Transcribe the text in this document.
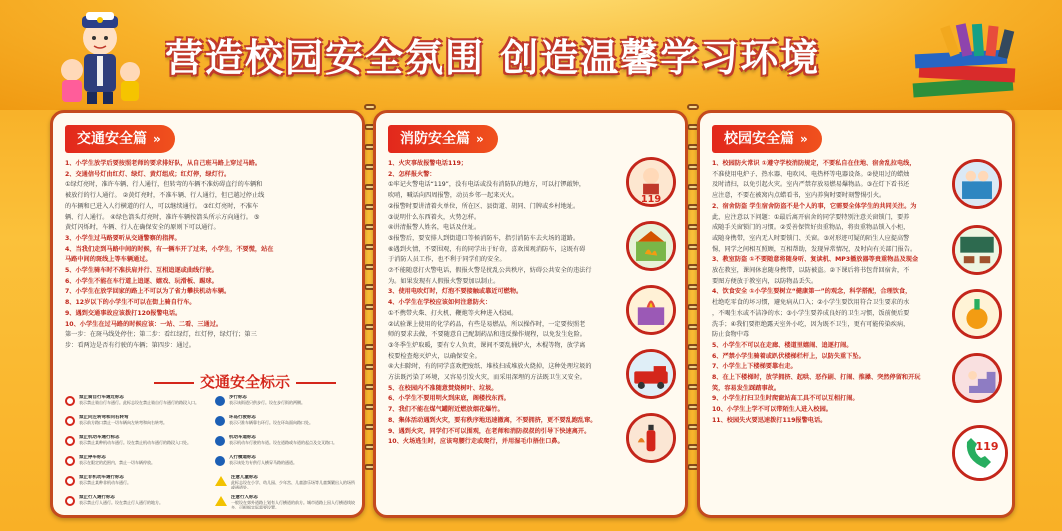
营造校园安全氛围 创造温馨学习环境
交通安全篇 »

1、小学生放学后要按照老师的要求排好队，从自己班马路上穿过马路。

2、交通信号灯由红灯、绿灯、黄灯组成；红灯停，绿灯行。

①绿灯亮时，准许车辆、行人通行，但转弯的车辆不准妨碍直行的车辆和

被放行的行人通行。 ②黄灯亮时，不准车辆、行人通行，但已越过停止线

的车辆和已进入人行横道的行人，可以继续通行。 ③红灯亮时，不准车

辆、行人通行。 ④绿色箭头灯亮时，准许车辆按箭头所示方向通行。 ⑤

黄灯闪烁时，车辆、行人在确保安全的原则下可以通行。

3、小学生过马路要听从交通警察的指挥。

4、当我们走到马路中间的时候，有一辆车开了过来，小学生，不要慌，站在

马路中间的斑线上等车辆通过。

5、小学生骑车时不准扶肩并行、互相追逐或曲线行驶。

6、小学生不能在车行道上追逐、嬉戏、玩滑板、踢球。

7、小学生在放学回家的路上不可以为了省力攀扶机动车辆。

8、12岁以下的小学生不可以在街上骑自行车。

9、遇到交通事故应该拨打120报警电话。

10、小学生在过马路的时候应该：一站、二看、三通过。

第一步：在斑马线处停住；第二步：看红绿灯，红灯停，绿灯行；第三

步：看两边是否有行驶的车辆；第四步：通过。

交通安全标示
禁止骑自行车通过标志
表示禁止骑自行车通行。此标志设在禁止骑自行车通行的路段入口。
步行标志
表示该街道只供步行。设在步行街的两侧。
禁止向左转弯和向右转弯
表示前方路口禁止一切车辆向左转弯和向右转弯。
环岛行驶标志
表示只准车辆靠右环行。设在环岛面向路口处。
禁止机动车通行标志
表示禁止某种机动车通行。设在禁止机动车通行的路段入口处。
机动车道标志
表示机动车行驶的车道。设在道路或车道的起点及交叉路口。
禁止停车标志
表示在限定的范围内，禁止一切车辆停放。
人行横道标志
表示该处为专供行人横穿马路的通道。
禁止非机动车通行标志
表示禁止某种非机动车通行。
注意儿童标志
此标志设在小学、幼儿园、少年宫、儿童游乐场等儿童频繁出入的场所或通道处。
禁止行人通行标志
表示禁止行人通行。设在禁止行人通行的地方。
注意行人标志
一般设在郊外道路上划有人行横道的前方。城市道路上因人行横道线较多，可根据实际需要设置。
消防安全篇 »

1、火灾事故报警电话119；

2、怎样报火警：

①牢记火警电话“119”，没有电话或没有消防队的地方，可以打锣敲钟，

吹哨，喊话向四周报警，动员乡邻一起来灭火。

②报警时要讲清着火单位，所在区、县街道、胡同、门牌或乡村地址。

③说明什么东西着火，火势怎样。

④讲清报警人姓名，电话及住址。

⑤报警后，要安排人到街道口等候消防车，指引消防车去火场的道路。

⑥遇到火情，不要围观，有的同学出于好奇，喜欢围观消防车，这既有碍

于消防人员工作，也不利于同学们的安全。

⑦不能随意打火警电话，假报火警是扰乱公共秩序，妨碍公共安全的违法行

为。如果发现有人假报火警要加以制止。

3、使用电吹灯时，灯泡不要接触或靠近可燃物。

4、小学生在学校应该如何注意防火：

①不携带火柴、打火机、鞭炮等火种进入校园。

②试验课上使用的化学药品，有些是易燃品，所以操作时，一定要按照老

师的要求去做，不要随意自己配制药品和违反操作规程，以免发生危险。

③冬季生炉取暖，要有专人负责，课间不要乱捅炉火，木棍等物，放学离

校要检查熄灭炉火，以确保安全。

④大扫除时，有的同学喜欢把废纸、堆枝扫成堆放火烧掉，这种处理垃圾的

方法既污染了环境，又容易引发火灾，而采用深埋的方法既卫生又安全。

5、在校园内不准随意焚烧树叶、垃圾。

6、小学生不要用明火到床底，阁楼找东西。

7、我们不能在煤气罐附近燃放烟花爆竹。

8、集体活动遇到火灾，要有秩序地迅速撤离，不要拥挤，更不要乱跑乱窜。

9、遇到火灾，同学们不可以围观，在老师和消防叔叔的引导下快速离开。

10、火场逃生时，应该弯腰行走或爬行，并用湿毛巾捂住口鼻。

119
校园安全篇 »

1、校园防火常识 ①遵守学校消防规定，不要私自在住地、宿舍乱拉电线，

不准使用电炉子、热水器、电吹风、电热杯等电器设备。②使用过的蜡烛

及时清扫，以免引起火灾。室内严禁存放易燃易爆物品。③在灯下看书还

应注意，不要在被窝内点蜡看书，室内养狗时要时刻警惕引火。

2、宿舍防盗 学生宿舍防盗不是个人的事，它需要全体学生的共同关注。为

此，应注意以下问题：①最后离开宿舍的同学要特别注意关窗锁门，要养

成随手关窗锁门的习惯。②妥善保管好贵重物品，将贵重物品锁入小柜，

或随身携带，室内无人时要锁门、关窗。③对形迹可疑的陌生人应提高警

惕，同学之间相互照顾，互相帮助，发现异常情况，及时向有关部门报告。

3、教室防盗 ①不要随意将随身听、复读机、MP3播放器等贵重物品及现金

放在教室，课间休息随身携带，以防被盗。②下课后将书包背回宿舍，不

要图方便放于教室内，以防物品丢失。

4、饮食安全 ①小学生要树立“健康第一”的观念，科学搭配，合理饮食，

杜绝吃零食的坏习惯，避免病从口入；②小学生要饮用符合卫生要求的水

，不喝生水或不洁净的水；③小学生要养成良好的卫生习惯，饭前便后要

洗手；④我们要拒绝露天室外小吃，因为既不卫生，更有可能传染疾病，

防止食物中毒

5、小学生不可以在走廊、楼道里嬉闹、追逐打闹。

6、严禁小学生骑着或趴伏楼梯栏杆上，以防失重下坠。

7、小学生上下楼梯要靠右走。

8、在上下楼梯时，放学拥挤、起哄、恶作剧、打闹、推搡、突然停留和开玩

笑，容易发生踩踏事故。

9、小学生打扫卫生时爬窗站高工具不可以互相打闹。

10、小学生上学不可以带陌生人进入校园。

11、校园失火要迅速拨打119报警电话。

119
